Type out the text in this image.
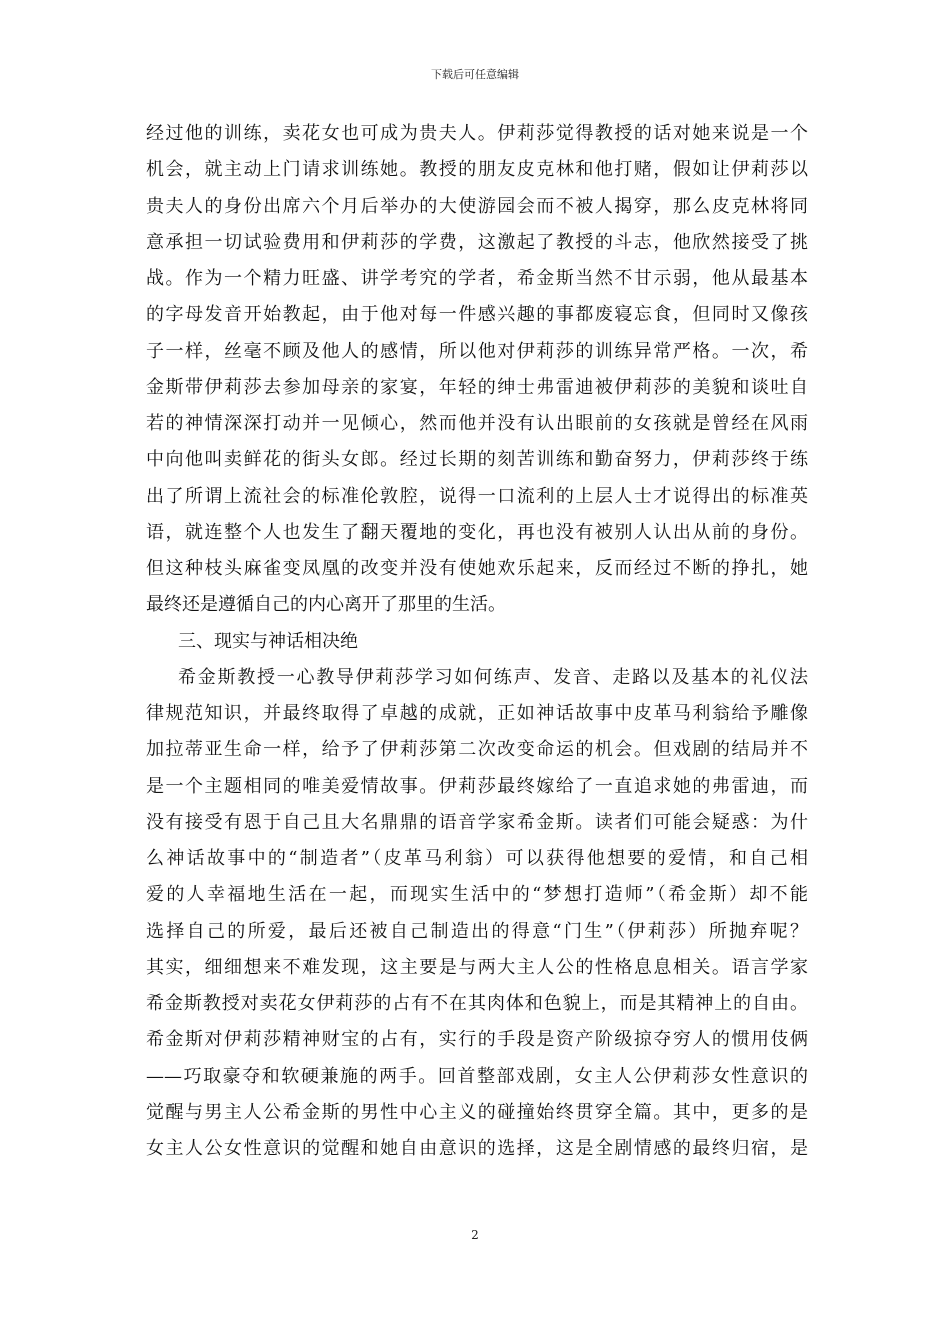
下载后可任意编辑
经过他的训练，卖花女也可成为贵夫人。伊莉莎觉得教授的话对她来说是一个
机会，就主动上门请求训练她。教授的朋友皮克林和他打赌，假如让伊莉莎以
贵夫人的身份出席六个月后举办的大使游园会而不被人揭穿，那么皮克林将同
意承担一切试验费用和伊莉莎的学费，这激起了教授的斗志，他欣然接受了挑
战。作为一个精力旺盛、讲学考究的学者，希金斯当然不甘示弱，他从最基本
的字母发音开始教起，由于他对每一件感兴趣的事都废寝忘食，但同时又像孩
子一样，丝毫不顾及他人的感情，所以他对伊莉莎的训练异常严格。一次，希
金斯带伊莉莎去参加母亲的家宴，年轻的绅士弗雷迪被伊莉莎的美貌和谈吐自
若的神情深深打动并一见倾心，然而他并没有认出眼前的女孩就是曾经在风雨
中向他叫卖鲜花的街头女郎。经过长期的刻苦训练和勤奋努力，伊莉莎终于练
出了所谓上流社会的标准伦敦腔，说得一口流利的上层人士才说得出的标准英
语，就连整个人也发生了翻天覆地的变化，再也没有被别人认出从前的身份。
但这种枝头麻雀变凤凰的改变并没有使她欢乐起来，反而经过不断的挣扎，她
最终还是遵循自己的内心离开了那里的生活。
三、现实与神话相决绝
希金斯教授一心教导伊莉莎学习如何练声、发音、走路以及基本的礼仪法
律规范知识，并最终取得了卓越的成就，正如神话故事中皮革马利翁给予雕像
加拉蒂亚生命一样，给予了伊莉莎第二次改变命运的机会。但戏剧的结局并不
是一个主题相同的唯美爱情故事。伊莉莎最终嫁给了一直追求她的弗雷迪，而
没有接受有恩于自己且大名鼎鼎的语音学家希金斯。读者们可能会疑惑：为什
么神话故事中的“制造者”（皮革马利翁）可以获得他想要的爱情，和自己相
爱的人幸福地生活在一起，而现实生活中的“梦想打造师”（希金斯）却不能
选择自己的所爱，最后还被自己制造出的得意“门生”（伊莉莎）所抛弃呢？
其实，细细想来不难发现，这主要是与两大主人公的性格息息相关。语言学家
希金斯教授对卖花女伊莉莎的占有不在其肉体和色貌上，而是其精神上的自由。
希金斯对伊莉莎精神财宝的占有，实行的手段是资产阶级掠夺穷人的惯用伎俩
——巧取豪夺和软硬兼施的两手。回首整部戏剧，女主人公伊莉莎女性意识的
觉醒与男主人公希金斯的男性中心主义的碰撞始终贯穿全篇。其中，更多的是
女主人公女性意识的觉醒和她自由意识的选择，这是全剧情感的最终归宿，是
2
